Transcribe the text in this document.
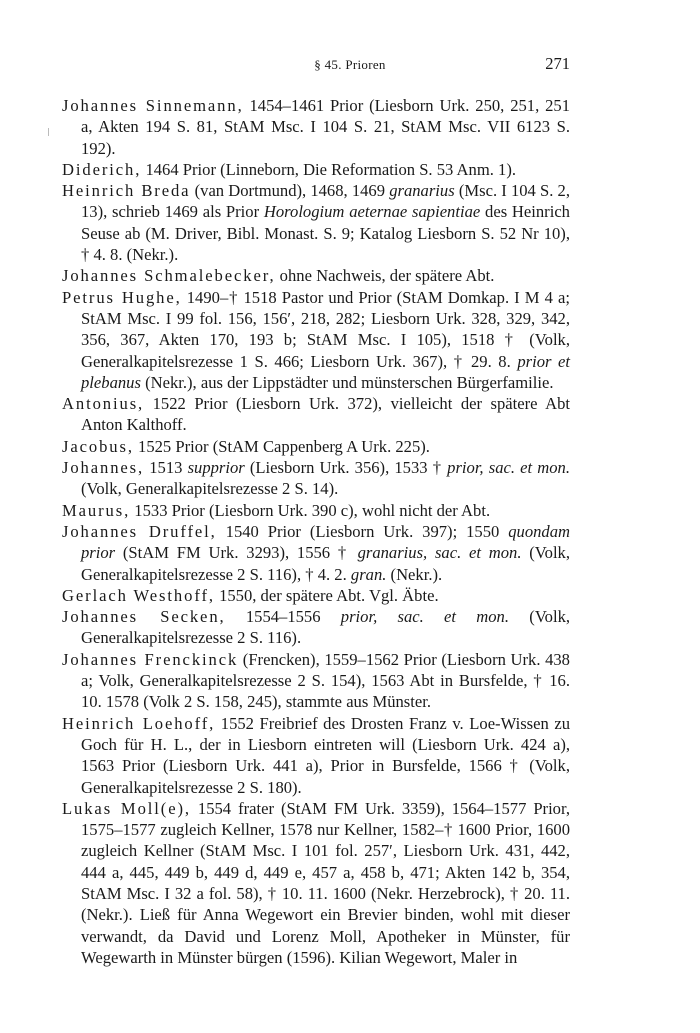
§ 45. Prioren	271

Johannes Sinnemann, 1454–1461 Prior (Liesborn Urk. 250, 251, 251 a, Akten 194 S. 81, StAM Msc. I 104 S. 21, StAM Msc. VII 6123 S. 192).

Diderich, 1464 Prior (Linneborn, Die Reformation S. 53 Anm. 1).

Heinrich Breda (van Dortmund), 1468, 1469 granarius (Msc. I 104 S. 2, 13), schrieb 1469 als Prior Horologium aeternae sapientiae des Heinrich Seuse ab (M. Driver, Bibl. Monast. S. 9; Katalog Liesborn S. 52 Nr 10), † 4. 8. (Nekr.).

Johannes Schmalebecker, ohne Nachweis, der spätere Abt.

Petrus Hughe, 1490–† 1518 Pastor und Prior (StAM Domkap. I M 4 a; StAM Msc. I 99 fol. 156, 156′, 218, 282; Liesborn Urk. 328, 329, 342, 356, 367, Akten 170, 193 b; StAM Msc. I 105), 1518 † (Volk, Generalkapitelsrezesse 1 S. 466; Liesborn Urk. 367), † 29. 8. prior et plebanus (Nekr.), aus der Lippstädter und münsterschen Bürgerfamilie.

Antonius, 1522 Prior (Liesborn Urk. 372), vielleicht der spätere Abt Anton Kalthoff.

Jacobus, 1525 Prior (StAM Cappenberg A Urk. 225).

Johannes, 1513 supprior (Liesborn Urk. 356), 1533 † prior, sac. et mon. (Volk, Generalkapitelsrezesse 2 S. 14).

Maurus, 1533 Prior (Liesborn Urk. 390 c), wohl nicht der Abt.

Johannes Druffel, 1540 Prior (Liesborn Urk. 397); 1550 quondam prior (StAM FM Urk. 3293), 1556 † granarius, sac. et mon. (Volk, Generalkapitelsrezesse 2 S. 116), † 4. 2. gran. (Nekr.).

Gerlach Westhoff, 1550, der spätere Abt. Vgl. Äbte.

Johannes Secken, 1554–1556 prior, sac. et mon. (Volk, Generalkapitelsrezesse 2 S. 116).

Johannes Frenckinck (Frencken), 1559–1562 Prior (Liesborn Urk. 438 a; Volk, Generalkapitelsrezesse 2 S. 154), 1563 Abt in Bursfelde, † 16. 10. 1578 (Volk 2 S. 158, 245), stammte aus Münster.

Heinrich Loehoff, 1552 Freibrief des Drosten Franz v. Loe-Wissen zu Goch für H. L., der in Liesborn eintreten will (Liesborn Urk. 424 a), 1563 Prior (Liesborn Urk. 441 a), Prior in Bursfelde, 1566 † (Volk, Generalkapitelsrezesse 2 S. 180).

Lukas Moll(e), 1554 frater (StAM FM Urk. 3359), 1564–1577 Prior, 1575–1577 zugleich Kellner, 1578 nur Kellner, 1582–† 1600 Prior, 1600 zugleich Kellner (StAM Msc. I 101 fol. 257′, Liesborn Urk. 431, 442, 444 a, 445, 449 b, 449 d, 449 e, 457 a, 458 b, 471; Akten 142 b, 354, StAM Msc. I 32 a fol. 58), † 10. 11. 1600 (Nekr. Herzebrock), † 20. 11. (Nekr.). Ließ für Anna Wegewort ein Brevier binden, wohl mit dieser verwandt, da David und Lorenz Moll, Apotheker in Münster, für Wegewarth in Münster bürgen (1596). Kilian Wegewort, Maler in
